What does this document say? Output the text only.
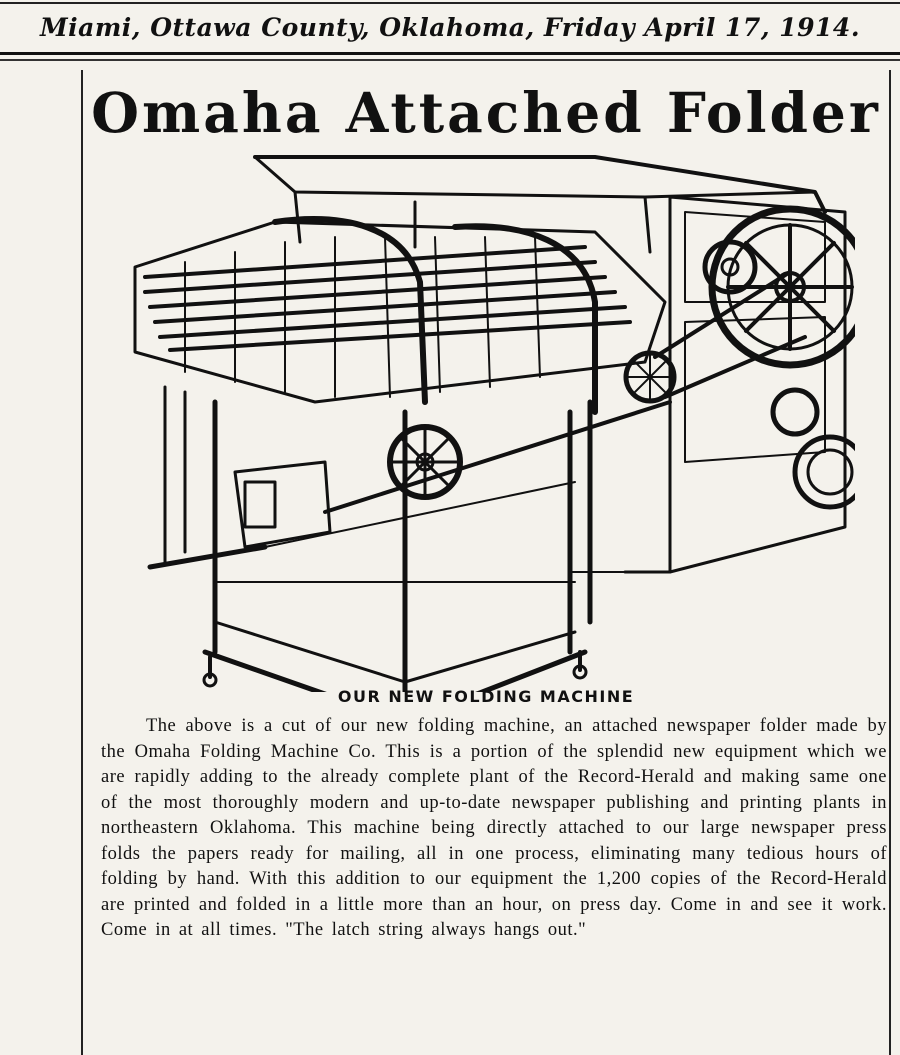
Miami, Ottawa County, Oklahoma, Friday April 17, 1914.
Omaha Attached Folder
OUR NEW FOLDING MACHINE
The above is a cut of our new folding machine, an attached newspaper folder made by the Omaha Folding Machine Co. This is a portion of the splendid new equipment which we are rapidly adding to the already complete plant of the Record-Herald and making same one of the most thoroughly modern and up-to-date newspaper publishing and printing plants in northeastern Oklahoma. This machine being directly attached to our large newspaper press folds the papers ready for mailing, all in one process, eliminating many tedious hours of folding by hand. With this addition to our equipment the 1,200 copies of the Record-Herald are printed and folded in a little more than an hour, on press day. Come in and see it work. Come in at all times. "The latch string always hangs out."
